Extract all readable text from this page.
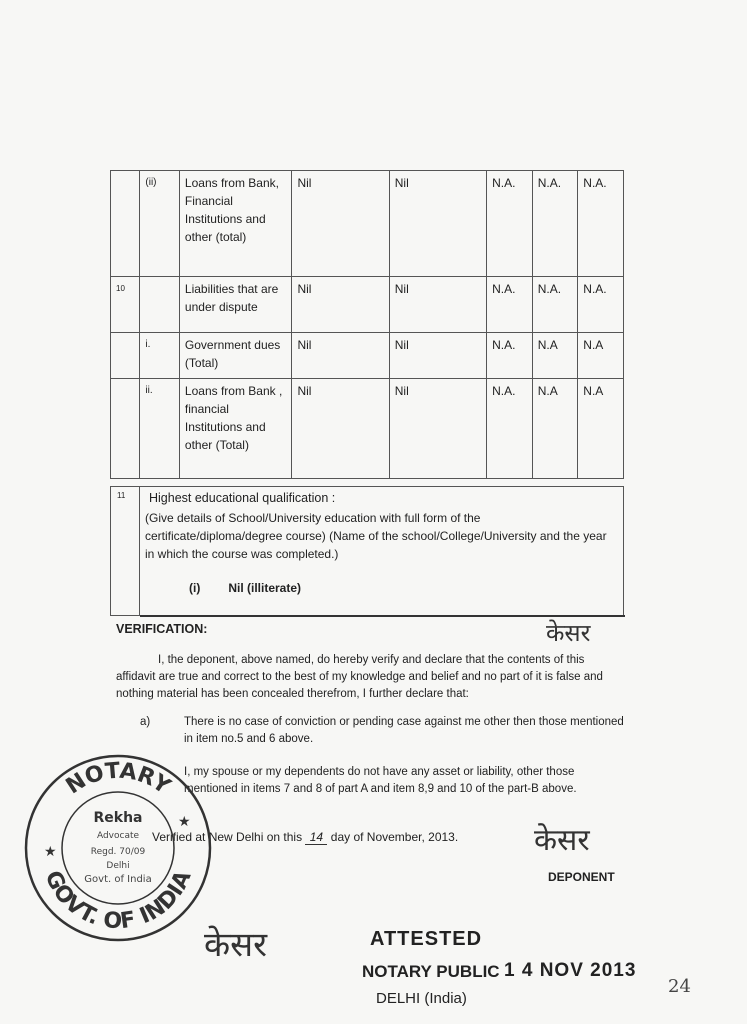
	(ii)	Loans from Bank, Financial Institutions and other (total)	Nil	Nil	N.A.	N.A.	N.A.
10		Liabilities that are under dispute	Nil	Nil	N.A.	N.A.	N.A.
	i.	Government dues (Total)	Nil	Nil	N.A.	N.A	N.A
	ii.	Loans from Bank , financial Institutions and other (Total)	Nil	Nil	N.A.	N.A	N.A
11 Highest educational qualification :
(Give details of School/University education with full form of the certificate/diploma/degree course) (Name of the school/College/University and the year in which the course was completed.)
(i) Nil (illiterate)
VERIFICATION:
I, the deponent, above named, do hereby verify and declare that the contents of this affidavit are true and correct to the best of my knowledge and belief and no part of it is false and nothing material has been concealed therefrom, I further declare that:
a)	There is no case of conviction or pending case against me other then those mentioned in item no.5 and 6 above.
I, my spouse or my dependents do not have any asset or liability, other those mentioned in items 7 and 8 of part A and item 8,9 and 10 of the part-B above.
Verified at New Delhi on this 14 day of November, 2013.
DEPONENT
केसर
केसर
केसर
NOTARY
GOVT. OF INDIA
★
★
Rekha
Advocate
Regd. 70/09
Delhi
Govt. of India
ATTESTED
NOTARY PUBLIC 1 4 NOV 2013
DELHI (India)
24
